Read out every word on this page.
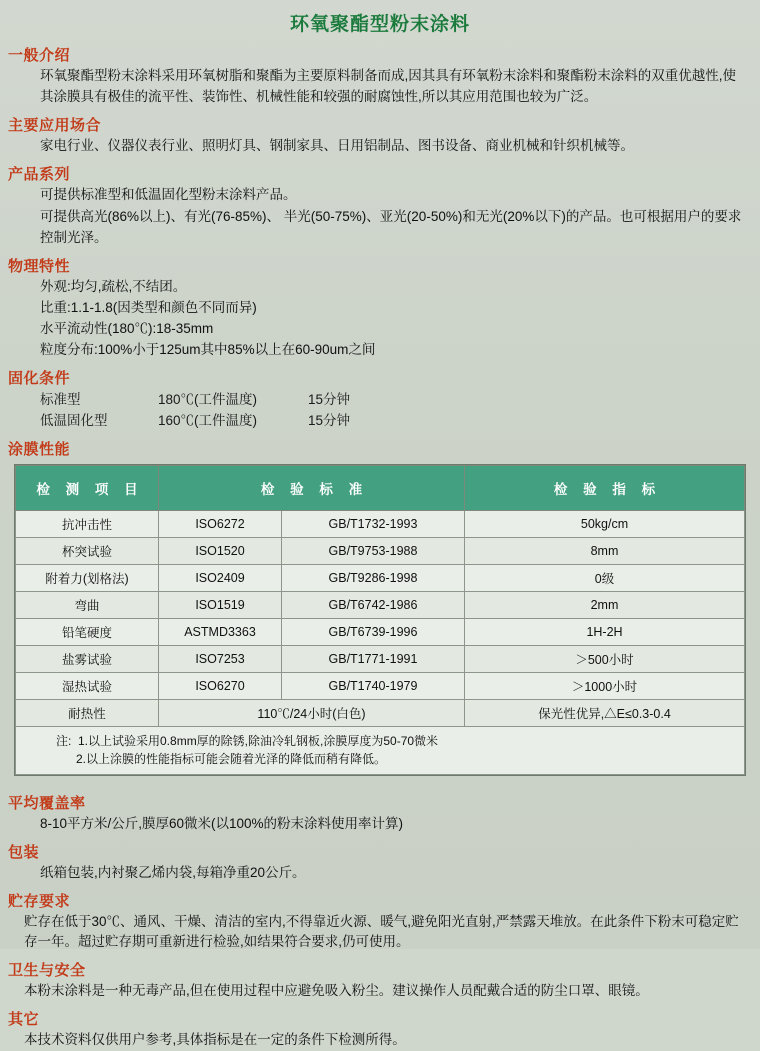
环氧聚酯型粉末涂料
一般介绍

环氧聚酯型粉末涂料采用环氧树脂和聚酯为主要原料制备而成,因其具有环氧粉末涂料和聚酯粉末涂料的双重优越性,使其涂膜具有极佳的流平性、装饰性、机械性能和较强的耐腐蚀性,所以其应用范围也较为广泛。

主要应用场合

家电行业、仪器仪表行业、照明灯具、钢制家具、日用铝制品、图书设备、商业机械和针织机械等。

产品系列

可提供标准型和低温固化型粉末涂料产品。

可提供高光(86%以上)、有光(76-85%)、 半光(50-75%)、亚光(20-50%)和无光(20%以下)的产品。也可根据用户的要求控制光泽。

物理特性

外观:均匀,疏松,不结团。

比重:1.1-1.8(因类型和颜色不同而异)

水平流动性(180℃):18-35mm

粒度分布:100%小于125um其中85%以上在60-90um之间

固化条件
标准型	180℃(工件温度)	15分钟
低温固化型	160℃(工件温度)	15分钟
涂膜性能
检 测 项 目	检 验 标 准		检 验 指 标
抗冲击性	ISO6272	GB/T1732-1993	50kg/cm
杯突试验	ISO1520	GB/T9753-1988	8mm
附着力(划格法)	ISO2409	GB/T9286-1998	0级
弯曲	ISO1519	GB/T6742-1986	2mm
铅笔硬度	ASTMD3363	GB/T6739-1996	1H-2H
盐雾试验	ISO7253	GB/T1771-1991	＞500小时
湿热试验	ISO6270	GB/T1740-1979	＞1000小时
耐热性	110℃/24小时(白色)		保光性优异,△E≤0.3-0.4

注:  1.以上试验采用0.8mm厚的除锈,除油冷轧钢板,涂膜厚度为50-70微米
2.以上涂膜的性能指标可能会随着光泽的降低而稍有降低。			
平均覆盖率

8-10平方米/公斤,膜厚60微米(以100%的粉末涂料使用率计算)

包装

纸箱包装,内衬聚乙烯内袋,每箱净重20公斤。

贮存要求

贮存在低于30℃、通风、干燥、清洁的室内,不得靠近火源、暖气,避免阳光直射,严禁露天堆放。在此条件下粉末可稳定贮存一年。超过贮存期可重新进行检验,如结果符合要求,仍可使用。

卫生与安全

本粉末涂料是一种无毒产品,但在使用过程中应避免吸入粉尘。建议操作人员配戴合适的防尘口罩、眼镜。

其它

本技术资料仅供用户参考,具体指标是在一定的条件下检测所得。
